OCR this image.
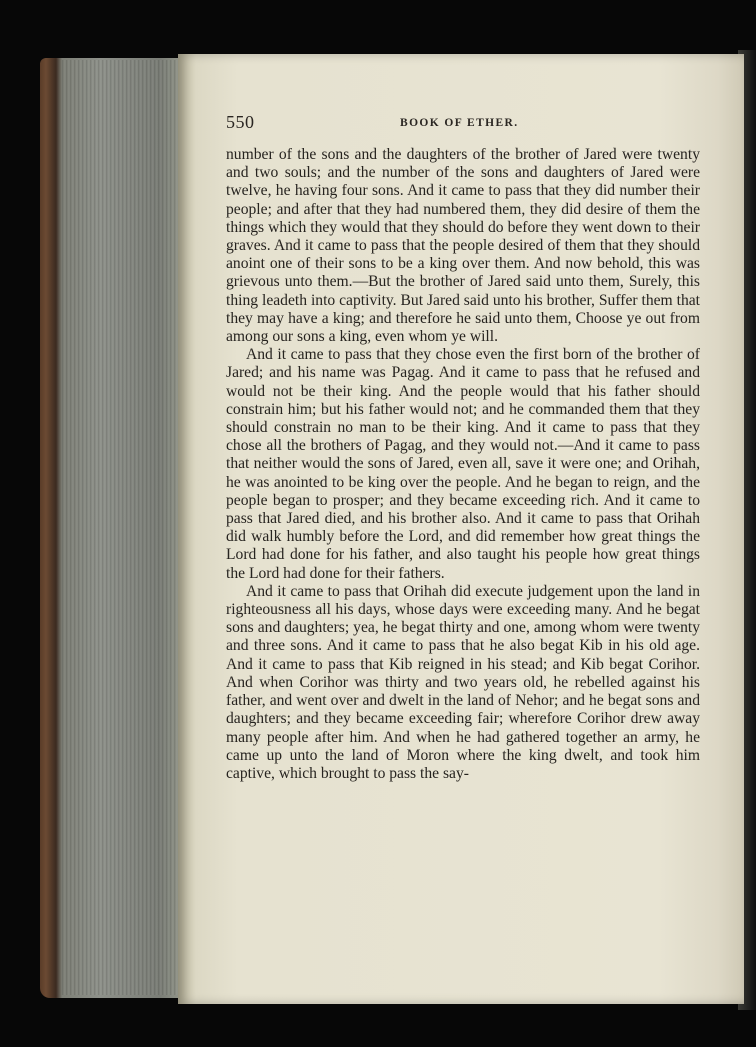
550	BOOK OF ETHER.

number of the sons and the daughters of the brother of Jared were twenty and two souls; and the number of the sons and daughters of Jared were twelve, he having four sons. And it came to pass that they did number their people; and after that they had numbered them, they did desire of them the things which they would that they should do before they went down to their graves. And it came to pass that the people desired of them that they should anoint one of their sons to be a king over them. And now behold, this was grievous unto them.—But the brother of Jared said unto them, Surely, this thing leadeth into captivity. But Jared said unto his brother, Suffer them that they may have a king; and therefore he said unto them, Choose ye out from among our sons a king, even whom ye will.

And it came to pass that they chose even the first born of the brother of Jared; and his name was Pagag. And it came to pass that he refused and would not be their king. And the people would that his father should constrain him; but his father would not; and he commanded them that they should constrain no man to be their king. And it came to pass that they chose all the brothers of Pagag, and they would not.—And it came to pass that neither would the sons of Jared, even all, save it were one; and Orihah, he was anointed to be king over the people. And he began to reign, and the people began to prosper; and they became exceeding rich. And it came to pass that Jared died, and his brother also. And it came to pass that Orihah did walk humbly before the Lord, and did remember how great things the Lord had done for his father, and also taught his people how great things the Lord had done for their fathers.

And it came to pass that Orihah did execute judgement upon the land in righteousness all his days, whose days were exceeding many. And he begat sons and daughters; yea, he begat thirty and one, among whom were twenty and three sons. And it came to pass that he also begat Kib in his old age. And it came to pass that Kib reigned in his stead; and Kib begat Corihor. And when Corihor was thirty and two years old, he rebelled against his father, and went over and dwelt in the land of Nehor; and he begat sons and daughters; and they became exceeding fair; wherefore Corihor drew away many people after him. And when he had gathered together an army, he came up unto the land of Moron where the king dwelt, and took him captive, which brought to pass the say-
